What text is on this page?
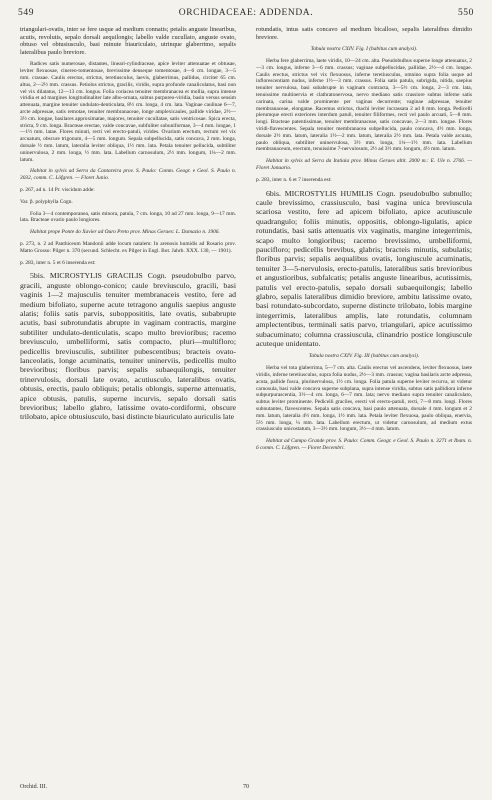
549	ORCHIDACEAE: ADDENDA.	550

triangulari-ovatis, inter se fere usque ad medium connatis; petalis anguste linearibus, acutis, revolutis, sepalo dorsali aequilongis; labello valde cucullato, anguste ovato, obtuso vel obtusiusculo, basi minute biauriculato, utrinque glaberrimo, sepalis lateralibus paulo breviore.

Radices satis numerosae, distantes, lineari-cylindraceae, apice leviter attenuatae et obtusae, leviter flexuosae, cinereo-tomentosae, brevissime denseque tomentosae, 4—6 cm. longae, 3—5 mm. crassae. Caulis erectus, strictus, teretiusculus, laevis, glaberrimus, pallidus, circiter 65 cm. altus, 2—2½ mm. crassus. Petiolus strictus, gracilis, viridis, supra profunde canaliculatus, basi non vel vix dilatatus, 12—13 cm. longus. Folia coriacea tenuiter membranacea et mollia, supra intense viridia et ad margines longitudinaliter late albo-ornata, subtus purpureo-viridia, basin versus sensim attenuata, margine tenuiter undulato-denticulata, 8½ cm. longa, 4 cm. lata. Vaginae caulinae 6—7, arcte adpressae, satis remotae, tenuiter membranaceae, longe amplexicaules, pallide viridae, 2½—3½ cm. longae, basilares approximatae, majores, tenuiter cucullatae, satis ventricosae. Spica erecta, stricta, 9 cm. longa. Bracteae erectae, valde concavae, subfuliter subuniformae, 3—4 mm. longae, 1—1½ mm. latae. Flores minuti, recti vel erecto-patuli, virides. Ovarium erectum, rectum vel vix arcuatum, obscure trigonum, 4—5 mm. longum. Sepala subpellucida, satis concava, 2 mm. longa, dorsale ½ mm. latum, lateralia leviter obliqua, 1½ mm. lata. Petala tenuiter pellucida, subtiliter uninervulosa, 2 mm. longa, ½ mm. lata. Labellum carnosulum, 2½ mm. longum, 1¼—2 mm. latum.

Habitat in sylvis ad Serra da Cantareira prov. S. Paulo: Comm. Geogr. e Geol. S. Paulo n. 3032, comm. C. Löfgren. — Floret Junio.

p. 267, ad n. 14 Pr. viscidum adde:

Var. β. polyphylla Cogn.

Folia 3—4 contemporanea, satis minora, patula, 7 cm. longa, 10 ad 27 mm. longa, 9—17 mm. lata. Bracteae ovario paulo longiores.

Habitat prope Ponte do Xavier ad Ouro Preto prov. Minas Geraes: L. Damazio n. 1906.

p. 273, n. 2 ad Panthiceum Mandonii adde locum natalem: In arenosis humidis ad Rosario prov. Matto Grosso: Pilger n. 370 (secund. Schlecht. ex Pilger in Engl. Bot. Jahrb. XXX. 130, — 1901).

p. 283, inter n. 5 et 6 inserenda est:

5bis. MICROSTYLIS GRACILIS Cogn. pseudobulbo parvo, gracili, anguste oblongo-conico; caule breviusculo, gracili, basi vaginis 1—2 majusculis tenuiter membranaceis vestito, fere ad medium bifoliato, superne acute tetragono angulis saepius anguste alatis; foliis satis parvis, subopposititis, late ovatis, subabrupte acutis, basi subrotundatis abrupte in vaginam contractis, margine subtiliter undulato-denticulatis, scapo multo brevioribus; racemo breviusculo, umbelliformi, satis compacto, pluri—multifloro; pedicellis breviusculis, subtiliter pubescentibus; bracteis ovato-lanceolatis, longe acuminatis, tenuiter uninerviis, pedicellis multo brevioribus; floribus parvis; sepalis subaequilongis, tenuiter trinervulosis, dorsali late ovato, acutiusculo, lateralibus ovatis, obtusis, erectis, paulo obliquis; petalis oblongis, superne attenuatis, apice obtusis, patulis, superne incurvis, sepalo dorsali satis brevioribus; labello glabro, latissime ovato-cordiformi, obscure trilobato, apice obtusiusculo, basi distincte biauriculato auriculis late

rotundatis, intus satis concavo ad medium bicalloso, sepalis lateralibus dimidio breviore.

Tabula nostra CXIV. Fig. I (habitus cum analysi).

Herba fere glaberrima, laete viridis, 10—24 cm. alta. Pseudobulbus superne longe attenuatus, 2—3 cm. longus, inferne 3—6 mm. crassus; vaginae subpellucidae, pallidae, 2½—4 cm. longae. Caulis erectus, strictus vel vix flexuosus, inferne teretiusculus, omnino supra folia usque ad inflorescentiam nudus, inferne 1½—3 mm. crassus. Folia satis patula, subrigida, nitida, saepius tenuiter nervulosa, basi subabrupte in vaginam contracta, 3—5½ cm. longa, 2—3 cm. lata, tenuissime multinervia et clathratonervosa, nervo mediano satis crassiore subtus inferne satis carinata, carina valde prominente per vaginas decurrente; vaginae adpressae, tenuiter membranaceae, elongatae. Racemus strictus, rhachi leviter incrassata 2 ad 8 mm. longa. Pedicelli plerumque erecti exteriores interdum patuli, tenuiter filiformes, recti vel paulo arcuati, 5—8 mm. longi. Bracteae patentissimae, tenuiter membranaceae, satis concavae, 2—3 mm. longae. Flores viridi-flavescentes. Sepala tenuiter membranacea subpellucida, paulo concava, 4½ mm. longa, dorsale 2½ mm. latum, lateralia 1½—2 mm. latum, lateralia 2½ mm. lata. Petala valde arcuata, paulo obliqua, subtiliter uninervulosa, 3½ mm. longa, 1¼—1½ mm. lata. Labellum membranaceum, erectum, tenuissime 7-nervulosum, 2½ ad 3½ mm. longum, 4½ mm. latum.

Habitat in sylvis ad Serra da Itatiaia prov. Minas Geraes altit. 2000 m.: E. Ule n. 2766. — Floret Januario.

p. 283, inter n. 6 et 7 inserenda est:

6bis. MICROSTYLIS HUMILIS Cogn. pseudobulbo subnullo; caule brevissimo, crassiusculo, basi vagina unica breviuscula scariosa vestito, fere ad apicem bifoliato, apice acutiuscule quadrangulo; foliis minutis, oppositis, oblongo-ligulatis, apice rotundatis, basi satis attenuatis vix vaginatis, margine integerrimis, scapo multo longioribus; racemo brevissimo, umbelliformi, paucifloro; pedicellis brevibus, glabris; bracteis minutis, subulatis; floribus parvis; sepalis aequalibus ovatis, longiuscule acuminatis, tenuiter 3—5-nervulosis, erecto-patulis, lateralibus satis brevioribus et angustioribus, subfalcatis; petalis anguste linearibus, acutissimis, patulis vel erecto-patulis, sepalo dorsali subaequilongis; labello glabro, sepalis lateralibus dimidio breviore, ambitu latissime ovato, basi rotundato-subcordato, superne distincte trilobato, lobis margine integerrimis, lateralibus amplis, late rotundatis, columnam amplectentibus, terminali satis parvo, triangulari, apice acutissimo subacuminato; columna crassiuscula, clinandrio postice longiuscule acuteque unidentato.

Tabula nostra CXIV. Fig. III (habitus cum analysi).

Herba vel tota glaberrima, 5—7 cm. alta. Caulis erectus vel ascendens, leviter flexuosus, laete viridis, inferne teretiusculus, supra folia nudus, 2½—3 mm. crassus; vagina basilaris arcte adpressa, acuta, pallide fusca, plurinervulosa, 1½ cm. longa. Folia patula superne leviter recurva, ut videtur carnosula, basi valde concava superne subplana, supra intense viridia, subtus satis pallidiora inferne subpurpurascentia, 3½—4 cm. longa, 6—7 mm. lata; nervo mediano supra tenuiter canaliculato, subtus leviter prominente. Pedicelli graciles, erecti vel erecto-patuli, recti, 7—8 mm. longi. Flores subnutantes, flavescentes. Sepala satis concava, basi paulo attenuata, dorsale 4 mm. longum et 2 mm. latum, lateralia 4½ mm. longa, 1½ mm. lata. Petala leviter flexuosa, paulo obliqua, enervia, 5½ mm. longa, ¼ mm. lata. Labellum erectum, ut videtur carnosulum, ad medium extus crassiusculo unicostatum, 3—3½ mm. longum, 3½—4 mm. latum.

Habitat ad Campo Grande prov. S. Paulo: Comm. Geogr. e Geol. S. Paulo n. 3271 et Ibam. n. 6 comm. C. Löfgren. — Floret Decembri.

Orchid. III.	70
